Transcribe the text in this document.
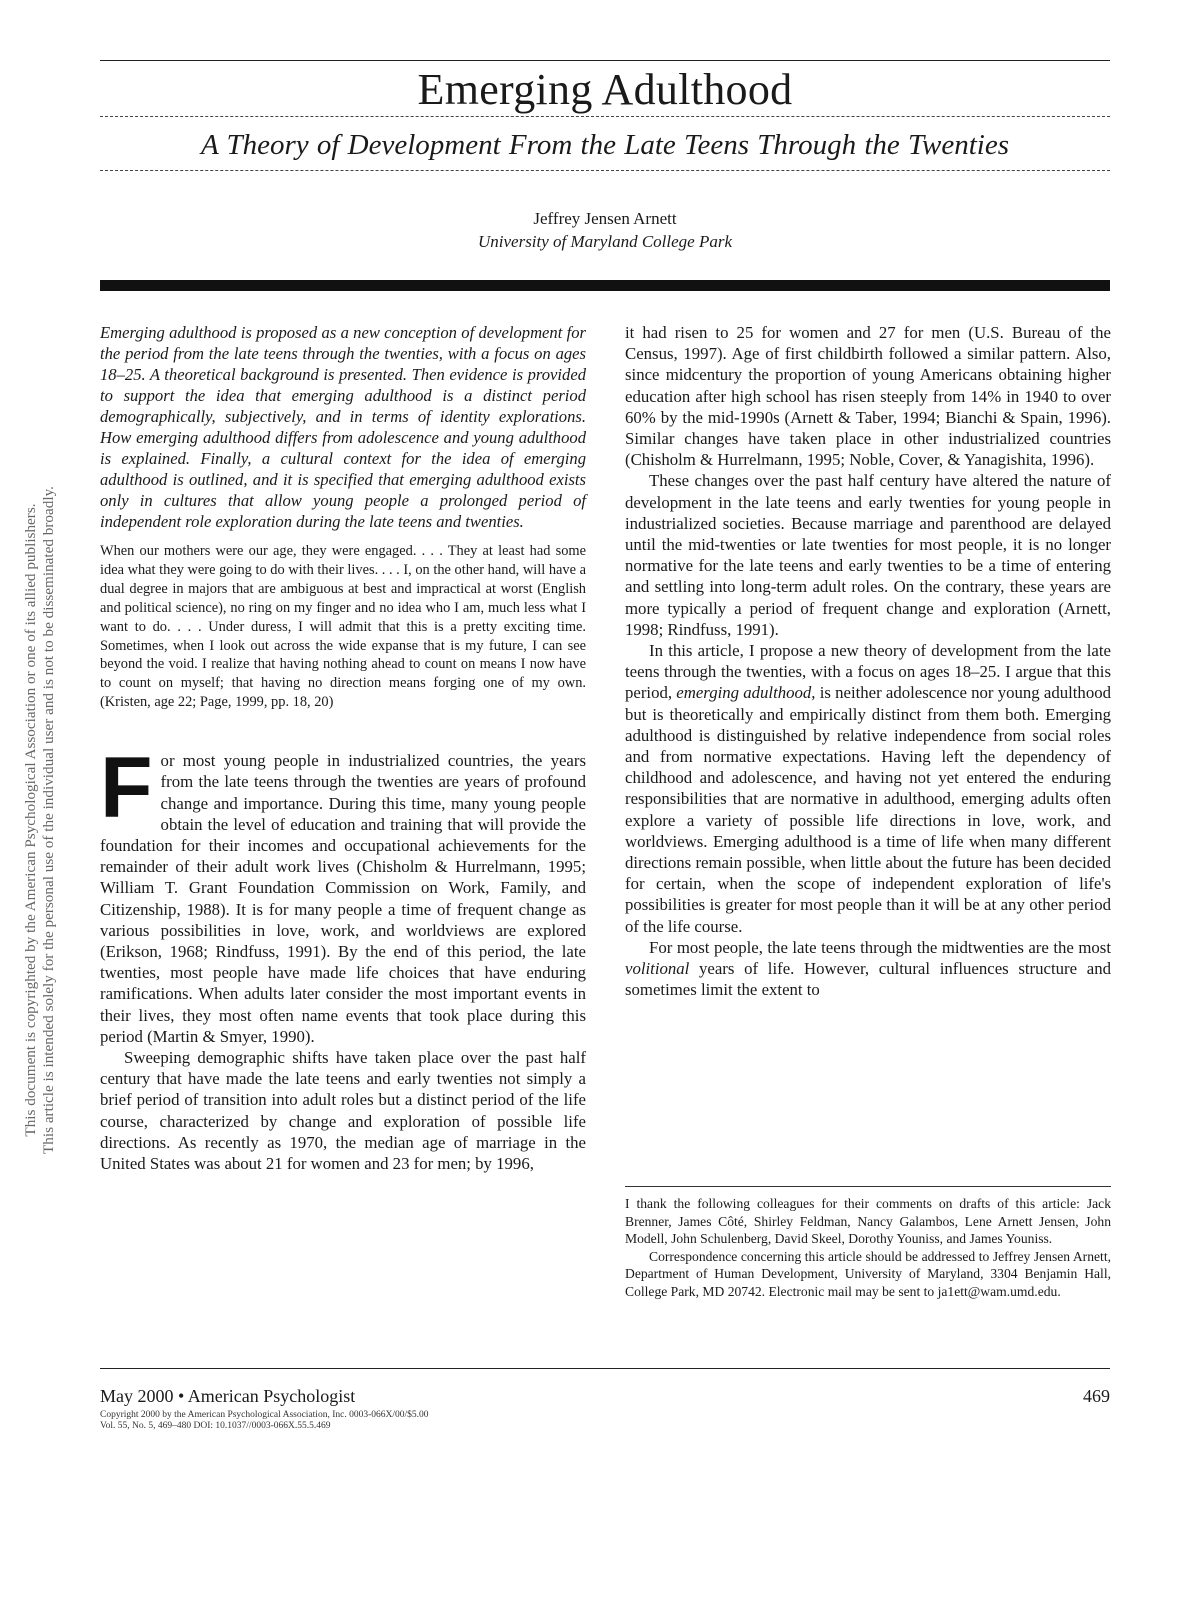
Emerging Adulthood
A Theory of Development From the Late Teens Through the Twenties
Jeffrey Jensen Arnett
University of Maryland College Park
This document is copyrighted by the American Psychological Association or one of its allied publishers. This article is intended solely for the personal use of the individual user and is not to be disseminated broadly.

Emerging adulthood is proposed as a new conception of development for the period from the late teens through the twenties, with a focus on ages 18–25. A theoretical background is presented. Then evidence is provided to support the idea that emerging adulthood is a distinct period demographically, subjectively, and in terms of identity explorations. How emerging adulthood differs from adolescence and young adulthood is explained. Finally, a cultural context for the idea of emerging adulthood is outlined, and it is specified that emerging adulthood exists only in cultures that allow young people a prolonged period of independent role exploration during the late teens and twenties.

When our mothers were our age, they were engaged. . . . They at least had some idea what they were going to do with their lives. . . . I, on the other hand, will have a dual degree in majors that are ambiguous at best and impractical at worst (English and political science), no ring on my finger and no idea who I am, much less what I want to do. . . . Under duress, I will admit that this is a pretty exciting time. Sometimes, when I look out across the wide expanse that is my future, I can see beyond the void. I realize that having nothing ahead to count on means I now have to count on myself; that having no direction means forging one of my own. (Kristen, age 22; Page, 1999, pp. 18, 20)

For most young people in industrialized countries, the years from the late teens through the twenties are years of profound change and importance. During this time, many young people obtain the level of education and training that will provide the foundation for their incomes and occupational achievements for the remainder of their adult work lives (Chisholm & Hurrelmann, 1995; William T. Grant Foundation Commission on Work, Family, and Citizenship, 1988). It is for many people a time of frequent change as various possibilities in love, work, and worldviews are explored (Erikson, 1968; Rindfuss, 1991). By the end of this period, the late twenties, most people have made life choices that have enduring ramifications. When adults later consider the most important events in their lives, they most often name events that took place during this period (Martin & Smyer, 1990).

Sweeping demographic shifts have taken place over the past half century that have made the late teens and early twenties not simply a brief period of transition into adult roles but a distinct period of the life course, characterized by change and exploration of possible life directions. As recently as 1970, the median age of marriage in the United States was about 21 for women and 23 for men; by 1996,

it had risen to 25 for women and 27 for men (U.S. Bureau of the Census, 1997). Age of first childbirth followed a similar pattern. Also, since midcentury the proportion of young Americans obtaining higher education after high school has risen steeply from 14% in 1940 to over 60% by the mid-1990s (Arnett & Taber, 1994; Bianchi & Spain, 1996). Similar changes have taken place in other industrialized countries (Chisholm & Hurrelmann, 1995; Noble, Cover, & Yanagishita, 1996).

These changes over the past half century have altered the nature of development in the late teens and early twenties for young people in industrialized societies. Because marriage and parenthood are delayed until the mid-twenties or late twenties for most people, it is no longer normative for the late teens and early twenties to be a time of entering and settling into long-term adult roles. On the contrary, these years are more typically a period of frequent change and exploration (Arnett, 1998; Rindfuss, 1991).

In this article, I propose a new theory of development from the late teens through the twenties, with a focus on ages 18–25. I argue that this period, emerging adulthood, is neither adolescence nor young adulthood but is theoretically and empirically distinct from them both. Emerging adulthood is distinguished by relative independence from social roles and from normative expectations. Having left the dependency of childhood and adolescence, and having not yet entered the enduring responsibilities that are normative in adulthood, emerging adults often explore a variety of possible life directions in love, work, and worldviews. Emerging adulthood is a time of life when many different directions remain possible, when little about the future has been decided for certain, when the scope of independent exploration of life's possibilities is greater for most people than it will be at any other period of the life course.

For most people, the late teens through the midtwenties are the most volitional years of life. However, cultural influences structure and sometimes limit the extent to

I thank the following colleagues for their comments on drafts of this article: Jack Brenner, James Côté, Shirley Feldman, Nancy Galambos, Lene Arnett Jensen, John Modell, John Schulenberg, David Skeel, Dorothy Youniss, and James Youniss.

Correspondence concerning this article should be addressed to Jeffrey Jensen Arnett, Department of Human Development, University of Maryland, 3304 Benjamin Hall, College Park, MD 20742. Electronic mail may be sent to ja1ett@wam.umd.edu.

May 2000 • American Psychologist	469
Copyright 2000 by the American Psychological Association, Inc. 0003-066X/00/$5.00
Vol. 55, No. 5, 469–480 DOI: 10.1037//0003-066X.55.5.469
